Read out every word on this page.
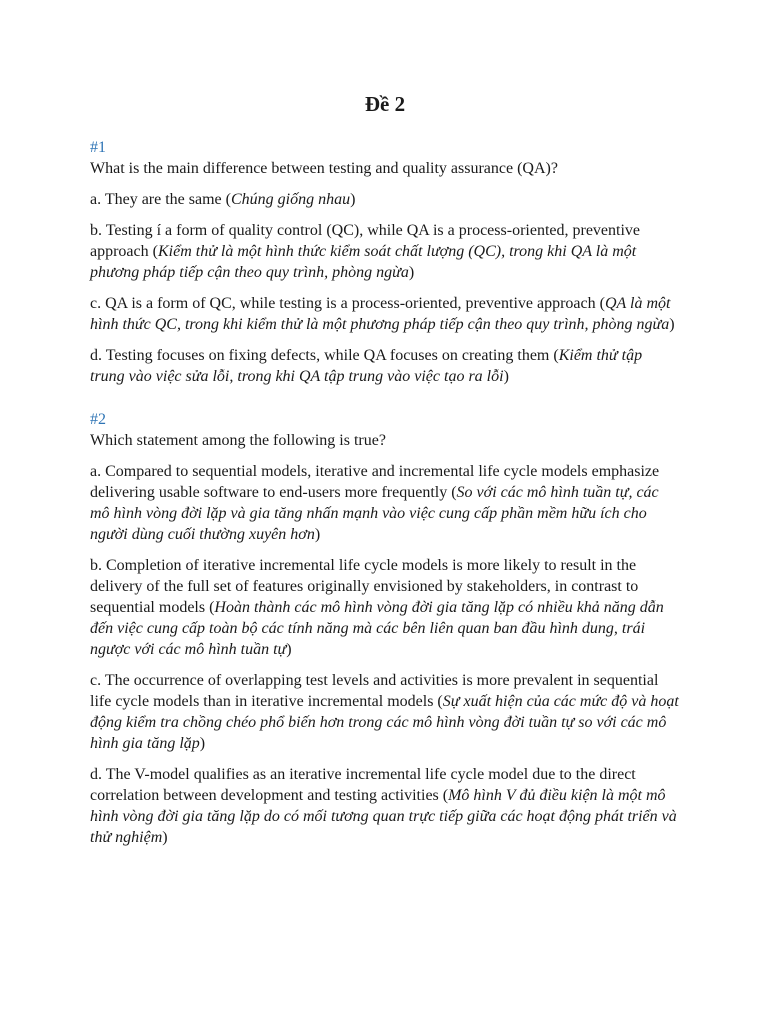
Đề 2

#1

What is the main difference between testing and quality assurance (QA)?

a. They are the same (Chúng giống nhau)

b. Testing í a form of quality control (QC), while QA is a process-oriented, preventive approach (Kiểm thử là một hình thức kiểm soát chất lượng (QC), trong khi QA là một phương pháp tiếp cận theo quy trình, phòng ngừa)

c. QA is a form of QC, while testing is a process-oriented, preventive approach (QA là một hình thức QC, trong khi kiểm thử là một phương pháp tiếp cận theo quy trình, phòng ngừa)

d. Testing focuses on fixing defects, while QA focuses on creating them (Kiểm thử tập trung vào việc sửa lỗi, trong khi QA tập trung vào việc tạo ra lỗi)

#2

Which statement among the following is true?

a. Compared to sequential models, iterative and incremental life cycle models emphasize delivering usable software to end-users more frequently (So với các mô hình tuần tự, các mô hình vòng đời lặp và gia tăng nhấn mạnh vào việc cung cấp phần mềm hữu ích cho người dùng cuối thường xuyên hơn)

b. Completion of iterative incremental life cycle models is more likely to result in the delivery of the full set of features originally envisioned by stakeholders, in contrast to sequential models (Hoàn thành các mô hình vòng đời gia tăng lặp có nhiều khả năng dẫn đến việc cung cấp toàn bộ các tính năng mà các bên liên quan ban đầu hình dung, trái ngược với các mô hình tuần tự)

c. The occurrence of overlapping test levels and activities is more prevalent in sequential life cycle models than in iterative incremental models (Sự xuất hiện của các mức độ và hoạt động kiểm tra chồng chéo phổ biến hơn trong các mô hình vòng đời tuần tự so với các mô hình gia tăng lặp)

d. The V-model qualifies as an iterative incremental life cycle model due to the direct correlation between development and testing activities (Mô hình V đủ điều kiện là một mô hình vòng đời gia tăng lặp do có mối tương quan trực tiếp giữa các hoạt động phát triển và thử nghiệm)
